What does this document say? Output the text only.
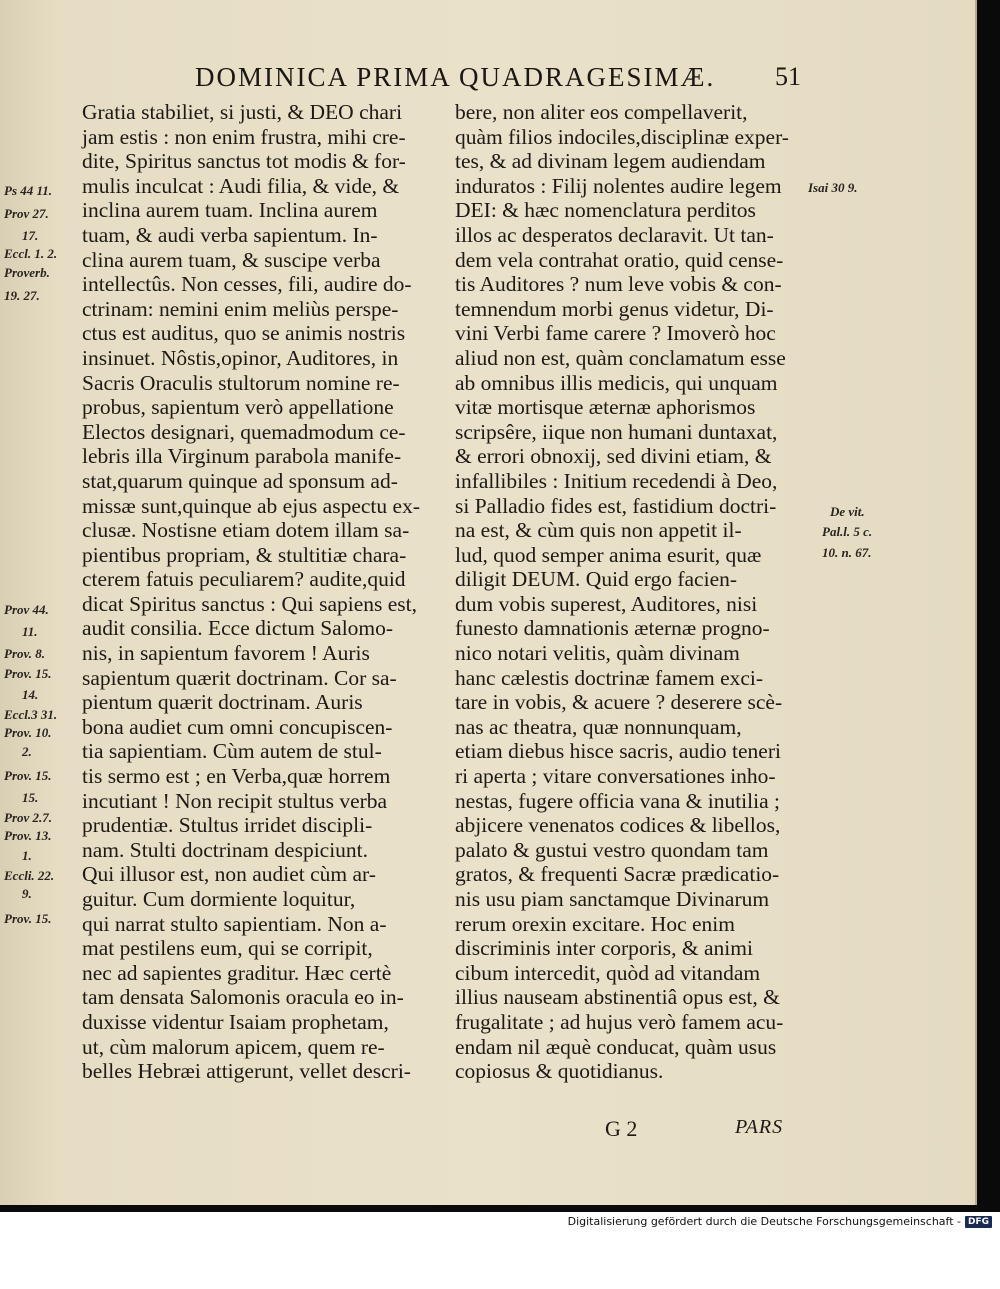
DOMINICA PRIMA QUADRAGESIMÆ.	51
Gratia stabiliet, si justi, & DEO chari
jam estis : non enim frustra, mihi cre-
dite, Spiritus sanctus tot modis & for-
mulis inculcat : Audi filia, & vide, &
inclina aurem tuam. Inclina aurem
tuam, & audi verba sapientum. In-
clina aurem tuam, & suscipe verba
intellectûs. Non cesses, fili, audire do-
ctrinam: nemini enim meliùs perspe-
ctus est auditus, quo se animis nostris
insinuet. Nôstis,opinor, Auditores, in
Sacris Oraculis stultorum nomine re-
probus, sapientum verò appellatione
Electos designari, quemadmodum ce-
lebris illa Virginum parabola manife-
stat,quarum quinque ad sponsum ad-
missæ sunt,quinque ab ejus aspectu ex-
clusæ. Nostisne etiam dotem illam sa-
pientibus propriam, & stultitiæ chara-
cterem fatuis peculiarem? audite,quid
dicat Spiritus sanctus : Qui sapiens est,
audit consilia. Ecce dictum Salomo-
nis, in sapientum favorem ! Auris
sapientum quærit doctrinam. Cor sa-
pientum quærit doctrinam. Auris
bona audiet cum omni concupiscen-
tia sapientiam. Cùm autem de stul-
tis sermo est ; en Verba,quæ horrem
incutiant ! Non recipit stultus verba
prudentiæ. Stultus irridet discipli-
nam. Stulti doctrinam despiciunt.
Qui illusor est, non audiet cùm ar-
guitur. Cum dormiente loquitur,
qui narrat stulto sapientiam. Non a-
mat pestilens eum, qui se corripit,
nec ad sapientes graditur. Hæc certè
tam densata Salomonis oracula eo in-
duxisse videntur Isaiam prophetam,
ut, cùm malorum apicem, quem re-
belles Hebræi attigerunt, vellet descri-
bere, non aliter eos compellaverit,
quàm filios indociles,disciplinæ exper-
tes, & ad divinam legem audiendam
induratos : Filij nolentes audire legem
DEI: & hæc nomenclatura perditos
illos ac desperatos declaravit. Ut tan-
dem vela contrahat oratio, quid cense-
tis Auditores ? num leve vobis & con-
temnendum morbi genus videtur, Di-
vini Verbi fame carere ? Imoverò hoc
aliud non est, quàm conclamatum esse
ab omnibus illis medicis, qui unquam
vitæ mortisque æternæ aphorismos
scripsêre, iique non humani duntaxat,
& errori obnoxij, sed divini etiam, &
infallibiles : Initium recedendi à Deo,
si Palladio fides est, fastidium doctri-
na est, & cùm quis non appetit il-
lud, quod semper anima esurit, quæ
diligit DEUM. Quid ergo facien-
dum vobis superest, Auditores, nisi
funesto damnationis æternæ progno-
nico notari velitis, quàm divinam
hanc cælestis doctrinæ famem exci-
tare in vobis, & acuere ? deserere scè-
nas ac theatra, quæ nonnunquam,
etiam diebus hisce sacris, audio teneri
ri aperta ; vitare conversationes inho-
nestas, fugere officia vana & inutilia ;
abjicere venenatos codices & libellos,
palato & gustui vestro quondam tam
gratos, & frequenti Sacræ prædicatio-
nis usu piam sanctamque Divinarum
rerum orexin excitare. Hoc enim
discriminis inter corporis, & animi
cibum intercedit, quòd ad vitandam
illius nauseam abstinentiâ opus est, &
frugalitate ; ad hujus verò famem acu-
endam nil æquè conducat, quàm usus
copiosus & quotidianus.
Ps 44 11.
Prov 27.
17.
Eccl. 1. 2.
Proverb.
19. 27.
Prov 44.
11.
Prov. 8.
Prov. 15.
14.
Eccl.3 31.
Prov. 10.
2.
Prov. 15.
15.
Prov 2.7.
Prov. 13.
1.
Eccli. 22.
9.
Prov. 15.
Isai 30 9.
De vit.
Pal.l. 5 c.
10. n. 67.
G 2	PARS
Digitalisierung gefördert durch die Deutsche Forschungsgemeinschaft - DFG
